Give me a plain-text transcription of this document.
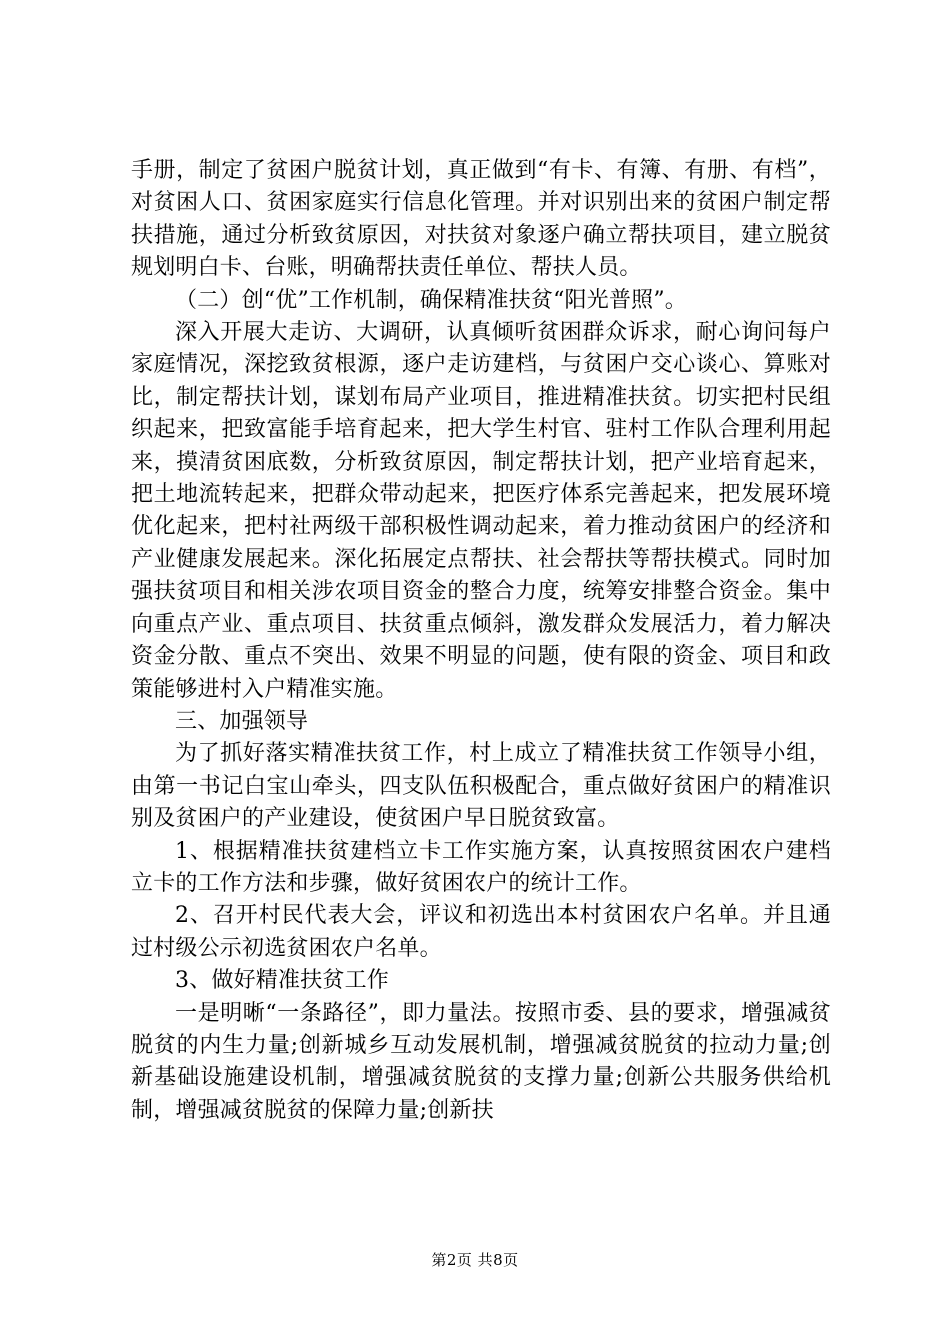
手册，制定了贫困户脱贫计划，真正做到“有卡、有簿、有册、有档”，对贫困人口、贫困家庭实行信息化管理。并对识别出来的贫困户制定帮扶措施，通过分析致贫原因，对扶贫对象逐户确立帮扶项目，建立脱贫规划明白卡、台账，明确帮扶责任单位、帮扶人员。

（二）创“优”工作机制，确保精准扶贫“阳光普照”。

深入开展大走访、大调研，认真倾听贫困群众诉求，耐心询问每户家庭情况，深挖致贫根源，逐户走访建档，与贫困户交心谈心、算账对比，制定帮扶计划，谋划布局产业项目，推进精准扶贫。切实把村民组织起来，把致富能手培育起来，把大学生村官、驻村工作队合理利用起来，摸清贫困底数，分析致贫原因，制定帮扶计划，把产业培育起来，把土地流转起来，把群众带动起来，把医疗体系完善起来，把发展环境优化起来，把村社两级干部积极性调动起来，着力推动贫困户的经济和产业健康发展起来。深化拓展定点帮扶、社会帮扶等帮扶模式。同时加强扶贫项目和相关涉农项目资金的整合力度，统筹安排整合资金。集中向重点产业、重点项目、扶贫重点倾斜，激发群众发展活力，着力解决资金分散、重点不突出、效果不明显的问题，使有限的资金、项目和政策能够进村入户精准实施。

三、加强领导

为了抓好落实精准扶贫工作，村上成立了精准扶贫工作领导小组，由第一书记白宝山牵头，四支队伍积极配合，重点做好贫困户的精准识别及贫困户的产业建设，使贫困户早日脱贫致富。

1、根据精准扶贫建档立卡工作实施方案，认真按照贫困农户建档立卡的工作方法和步骤，做好贫困农户的统计工作。

2、召开村民代表大会，评议和初选出本村贫困农户名单。并且通过村级公示初选贫困农户名单。

3、做好精准扶贫工作

一是明晰“一条路径”，即力量法。按照市委、县的要求，增强减贫脱贫的内生力量;创新城乡互动发展机制，增强减贫脱贫的拉动力量;创新基础设施建设机制，增强减贫脱贫的支撑力量;创新公共服务供给机制，增强减贫脱贫的保障力量;创新扶

第2页 共8页
